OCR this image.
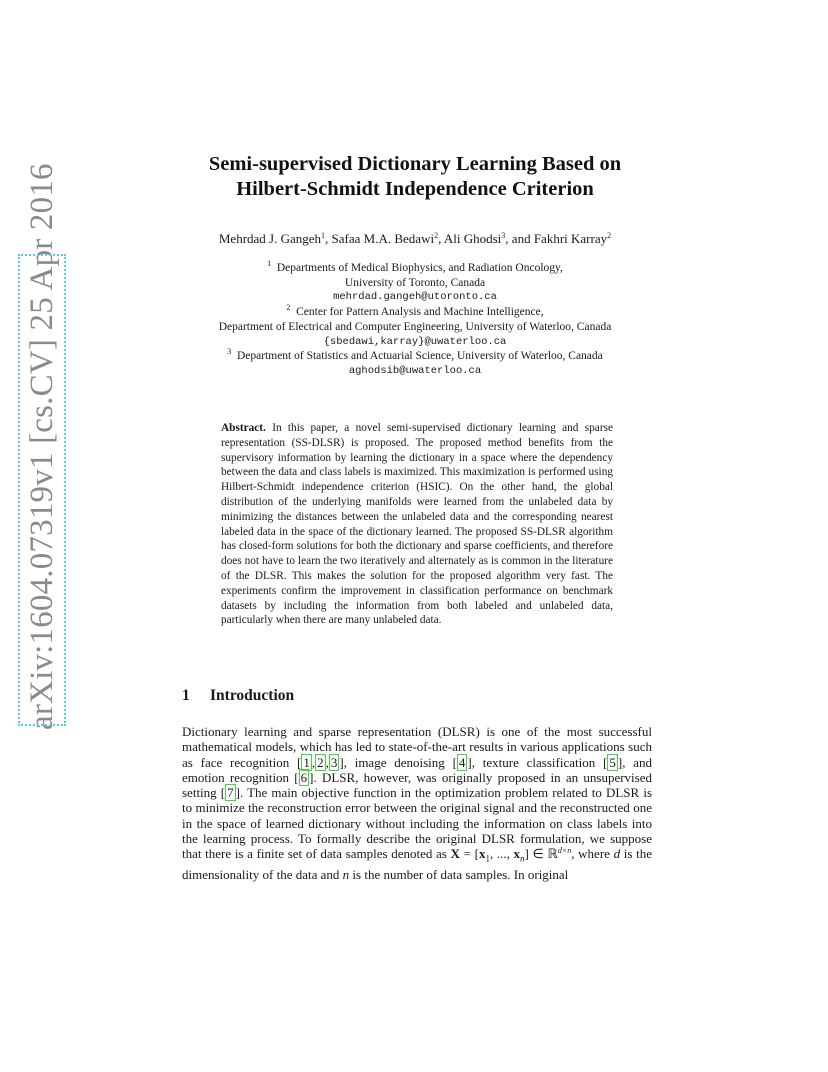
arXiv:1604.07319v1 [cs.CV] 25 Apr 2016	Semi-supervised Dictionary Learning Based on
Hilbert-Schmidt Independence Criterion
Mehrdad J. Gangeh$^1$, Safaa M.A. Bedawi$^2$, Ali Ghodsi$^3$, and Fakhri Karray$^2$
$^1$ Departments of Medical Biophysics, and Radiation Oncology,
University of Toronto, Canada
mehrdad.gangeh@utoronto.ca
$^2$ Center for Pattern Analysis and Machine Intelligence,
Department of Electrical and Computer Engineering, University of Waterloo, Canada
{sbedawi,karray}@uwaterloo.ca
$^3$ Department of Statistics and Actuarial Science, University of Waterloo, Canada
aghodsib@uwaterloo.ca
Abstract. In this paper, a novel semi-supervised dictionary learning and sparse representation (SS-DLSR) is proposed. The proposed method benefits from the supervisory information by learning the dictionary in a space where the dependency between the data and class labels is maximized. This maximization is performed using Hilbert-Schmidt independence criterion (HSIC). On the other hand, the global distribution of the underlying manifolds were learned from the unlabeled data by minimizing the distances between the unlabeled data and the corresponding nearest labeled data in the space of the dictionary learned. The proposed SS-DLSR algorithm has closed-form solutions for both the dictionary and sparse coefficients, and therefore does not have to learn the two iteratively and alternately as is common in the literature of the DLSR. This makes the solution for the proposed algorithm very fast. The experiments confirm the improvement in classification performance on benchmark datasets by including the information from both labeled and unlabeled data, particularly when there are many unlabeled data.
1 Introduction
Dictionary learning and sparse representation (DLSR) is one of the most successful mathematical models, which has led to state-of-the-art results in various applications such as face recognition [ 1 , 2 , 3 ], image denoising [ 4 ], texture classification [ 5 ], and emotion recognition [ 6 ]. DLSR, however, was originally proposed in an unsupervised setting [ 7 ]. The main objective function in the optimization problem related to DLSR is to minimize the reconstruction error between the original signal and the reconstructed one in the space of learned dictionary without including the information on class labels into the learning process. To formally describe the original DLSR formulation, we suppose that there is a finite set of data samples denoted as $X = [x_1$, ..., $x_n$] ∈ ℝ$^{d\times n}$, where d is the dimensionality of the data and n is the number of data samples. In original
